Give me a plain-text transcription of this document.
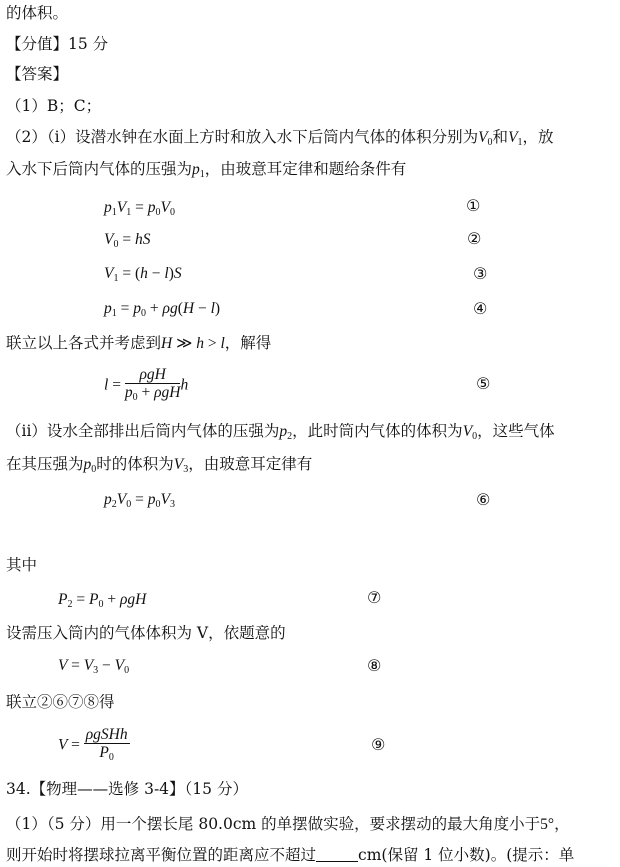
的体积。
【分值】15 分
【答案】
（1）B；C；
（2）（i）设潜水钟在水面上方时和放入水下后筒内气体的体积分别为$V_0$和$V_1$，放
入水下后筒内气体的压强为$p_1$，由玻意耳定律和题给条件有
$p_1V_1 = p_0V_0$	①
$V_0$ = hS	②
$V_1 = (h - l)S$	③
$p_1 = p_0 + \rho g(H - l)$	④
联立以上各式并考虑到H ≫ h > l，解得
$l = \frac{\text{ρgH}}{p_0 + \rho gH}$ h	⑤
（ii）设水全部排出后筒内气体的压强为$p_2$，此时筒内气体的体积为$V_0$，这些气体
在其压强为$p_0$时的体积为$V_3$，由玻意耳定律有
$p_2V_0 = p_0V_3$	⑥
其中
$P_2 = P_0 + \rho gH$	⑦
设需压入筒内的气体体积为 V，依题意的
$V = V_3 - V_0$	⑧
联立②⑥⑦⑧得
$V = \frac{\text{ρgSHh}}{P_0}$	⑨
34.【物理——选修 3-4】（15 分）
（1）（5 分）用一个摆长尾 80.0cm 的单摆做实验，要求摆动的最大角度小于5°，
则开始时将摆球拉离平衡位置的距离应不超过	cm(保留 1 位小数)。(提示：单
